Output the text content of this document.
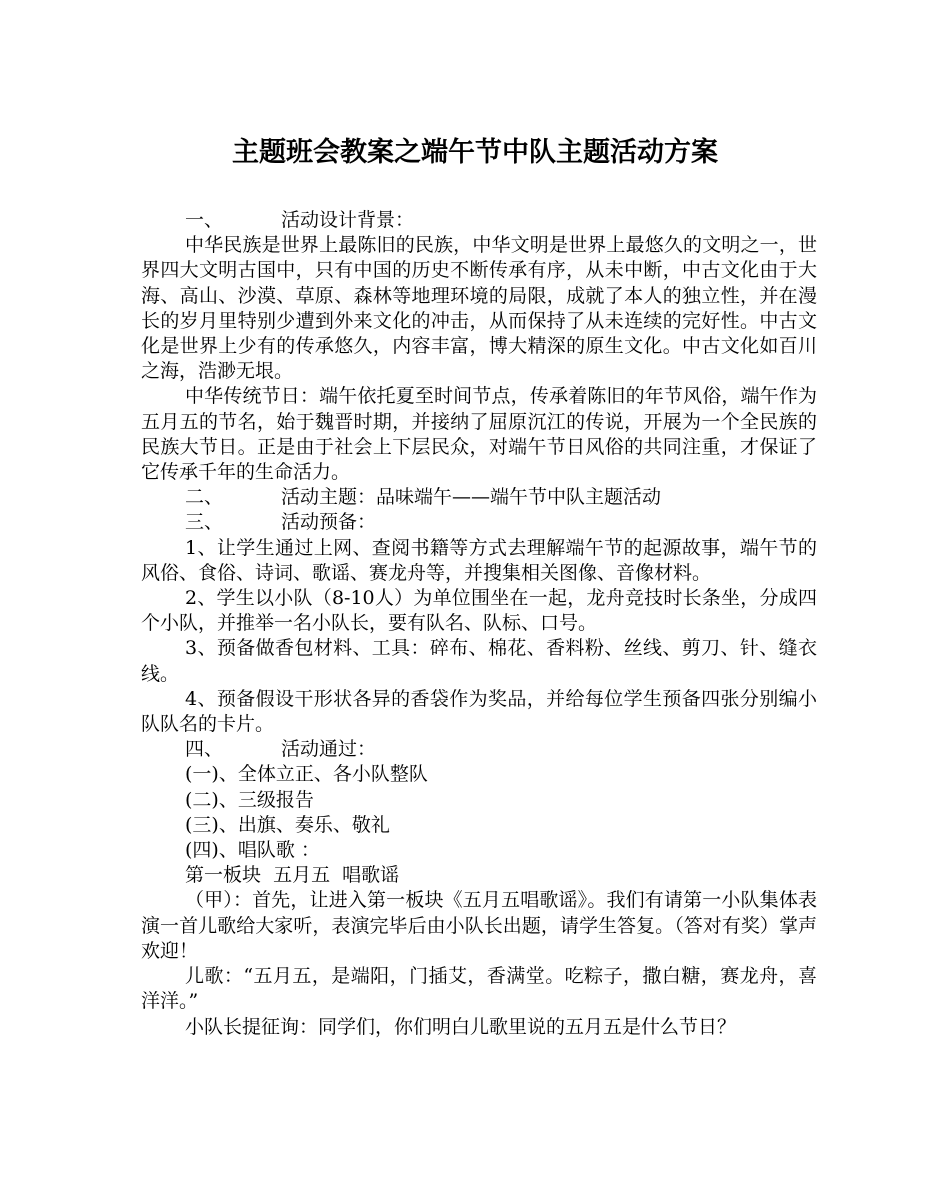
主题班会教案之端午节中队主题活动方案
一、	活动设计背景：

中华民族是世界上最陈旧的民族，中华文明是世界上最悠久的文明之一，世界四大文明古国中，只有中国的历史不断传承有序，从未中断，中古文化由于大海、高山、沙漠、草原、森林等地理环境的局限，成就了本人的独立性，并在漫长的岁月里特别少遭到外来文化的冲击，从而保持了从未连续的完好性。中古文化是世界上少有的传承悠久，内容丰富，博大精深的原生文化。中古文化如百川之海，浩渺无垠。

中华传统节日：端午依托夏至时间节点，传承着陈旧的年节风俗，端午作为五月五的节名，始于魏晋时期，并接纳了屈原沉江的传说，开展为一个全民族的民族大节日。正是由于社会上下层民众，对端午节日风俗的共同注重，才保证了它传承千年的生命活力。

二、	活动主题：品味端午——端午节中队主题活动
三、	活动预备：

1、让学生通过上网、查阅书籍等方式去理解端午节的起源故事，端午节的风俗、食俗、诗词、歌谣、赛龙舟等，并搜集相关图像、音像材料。

2、学生以小队（8-10人）为单位围坐在一起，龙舟竞技时长条坐，分成四个小队，并推举一名小队长，要有队名、队标、口号。

3、预备做香包材料、工具：碎布、棉花、香料粉、丝线、剪刀、针、缝衣线。

4、预备假设干形状各异的香袋作为奖品，并给每位学生预备四张分别编小队队名的卡片。

四、	活动通过：
(一)、全体立正、各小队整队
(二)、三级报告
(三)、出旗、奏乐、敬礼
(四)、唱队歌 ：
第一板块  五月五  唱歌谣

（甲）：首先，让进入第一板块《五月五唱歌谣》。我们有请第一小队集体表演一首儿歌给大家听，表演完毕后由小队长出题，请学生答复。（答对有奖）掌声欢迎！

儿歌：“五月五，是端阳，门插艾，香满堂。吃粽子，撒白糖，赛龙舟，喜洋洋。”

小队长提征询：同学们，你们明白儿歌里说的五月五是什么节日？
